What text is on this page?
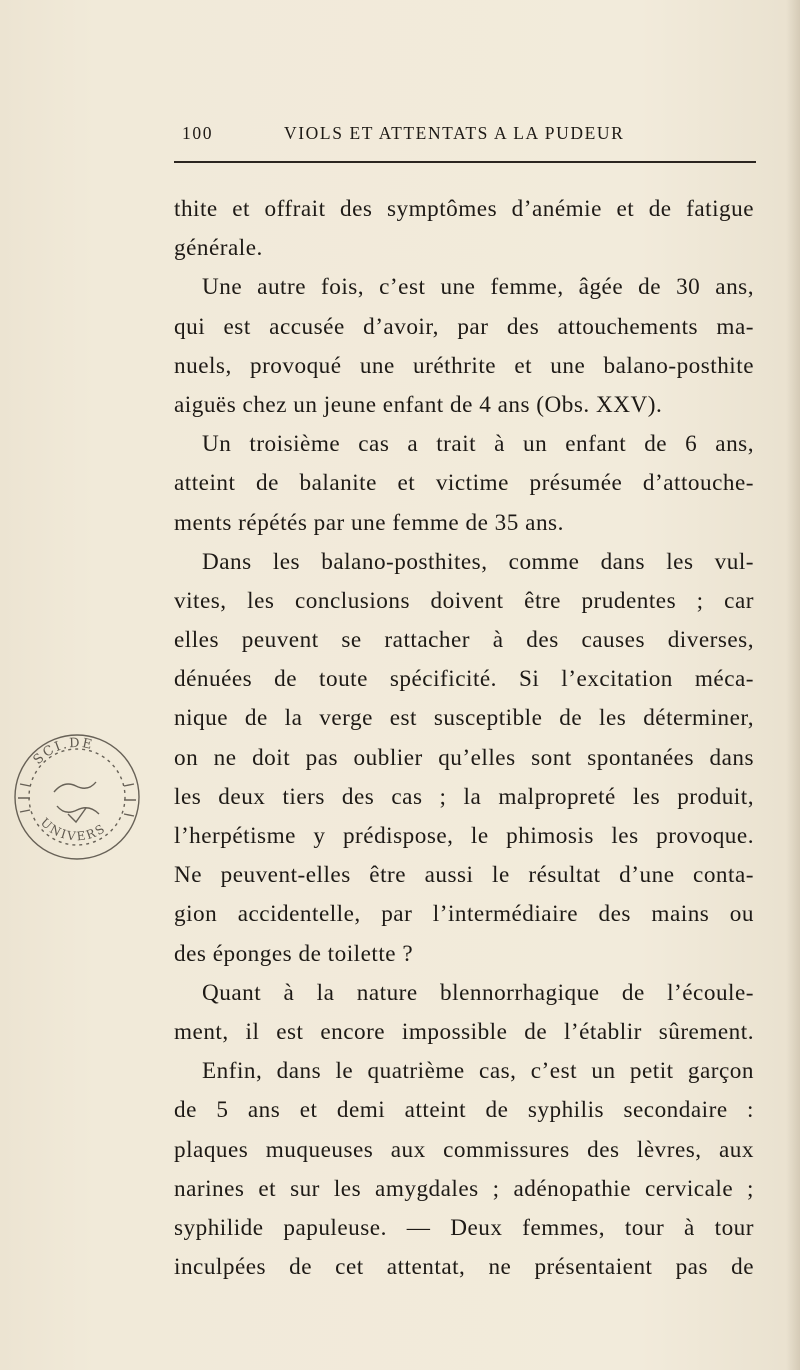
100	VIOLS ET ATTENTATS A LA PUDEUR
thite et offrait des symptômes d’anémie et de fatigue
générale.
Une autre fois, c’est une femme, âgée de 30 ans,
qui est accusée d’avoir, par des attouchements ma-
nuels, provoqué une uréthrite et une balano-posthite
aiguës chez un jeune enfant de 4 ans (Obs. XXV).
Un troisième cas a trait à un enfant de 6 ans,
atteint de balanite et victime présumée d’attouche-
ments répétés par une femme de 35 ans.
Dans les balano-posthites, comme dans les vul-
vites, les conclusions doivent être prudentes ; car
elles peuvent se rattacher à des causes diverses,
dénuées de toute spécificité. Si l’excitation méca-
nique de la verge est susceptible de les déterminer,
on ne doit pas oublier qu’elles sont spontanées dans
les deux tiers des cas ; la malpropreté les produit,
l’herpétisme y prédispose, le phimosis les provoque.
Ne peuvent-elles être aussi le résultat d’une conta-
gion accidentelle, par l’intermédiaire des mains ou
des éponges de toilette ?
Quant à la nature blennorrhagique de l’écoule-
ment, il est encore impossible de l’établir sûrement.
Enfin, dans le quatrième cas, c’est un petit garçon
de 5 ans et demi atteint de syphilis secondaire :
plaques muqueuses aux commissures des lèvres, aux
narines et sur les amygdales ; adénopathie cervicale ;
syphilide papuleuse. — Deux femmes, tour à tour
inculpées de cet attentat, ne présentaient pas de
SCI.DE
UNIVERS
